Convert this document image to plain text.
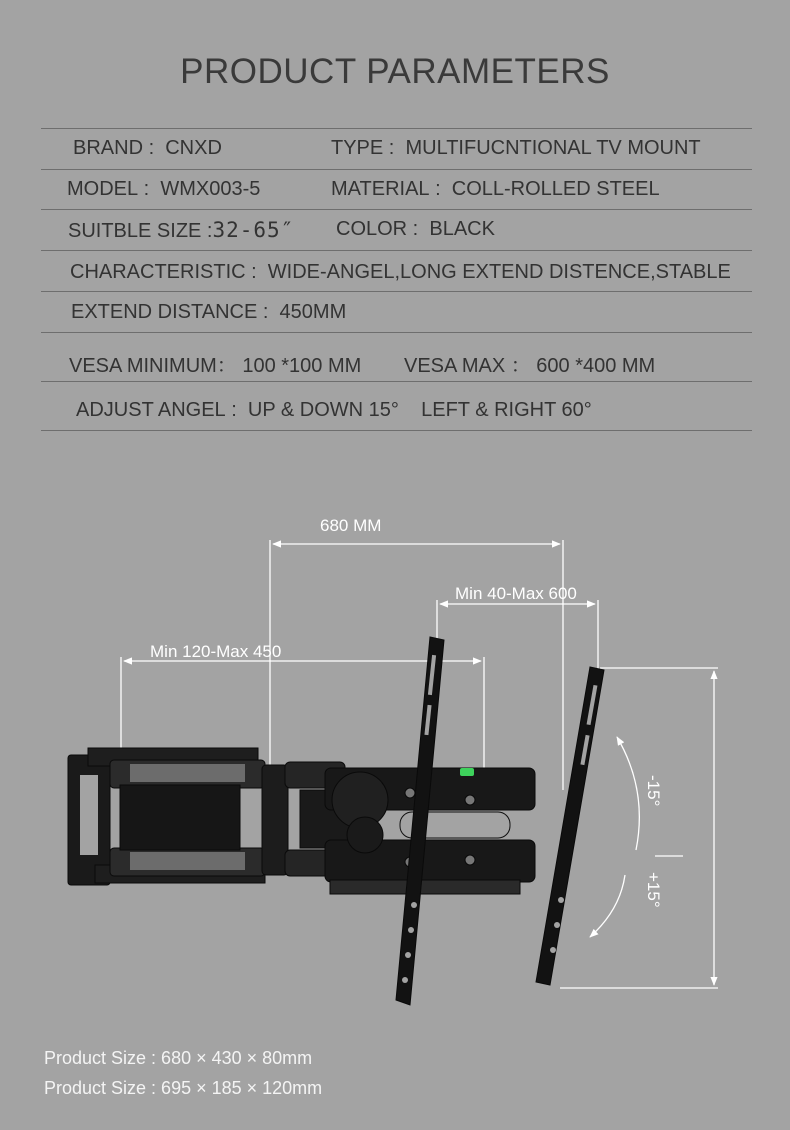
PRODUCT PARAMETERS
BRAND :  CNXD	TYPE :  MULTIFUCNTIONAL TV MOUNT
MODEL :  WMX003-5	MATERIAL :  COLL-ROLLED STEEL
SUITBLE SIZE :32-65″ COLOR :  BLACK
CHARACTERISTIC :  WIDE-ANGEL,LONG EXTEND DISTENCE,STABLE
EXTEND DISTANCE :  450MM
VESA MINIMUM： 100 *100 MM VESA MAX ： 600 *400 MM
ADJUST ANGEL :  UP & DOWN 15°    LEFT & RIGHT 60°
680 MM
Min 40-Max 600
Min 120-Max 450
-15°
+15°
Product Size : 680 × 430 × 80mm
Product Size : 695 × 185 × 120mm
